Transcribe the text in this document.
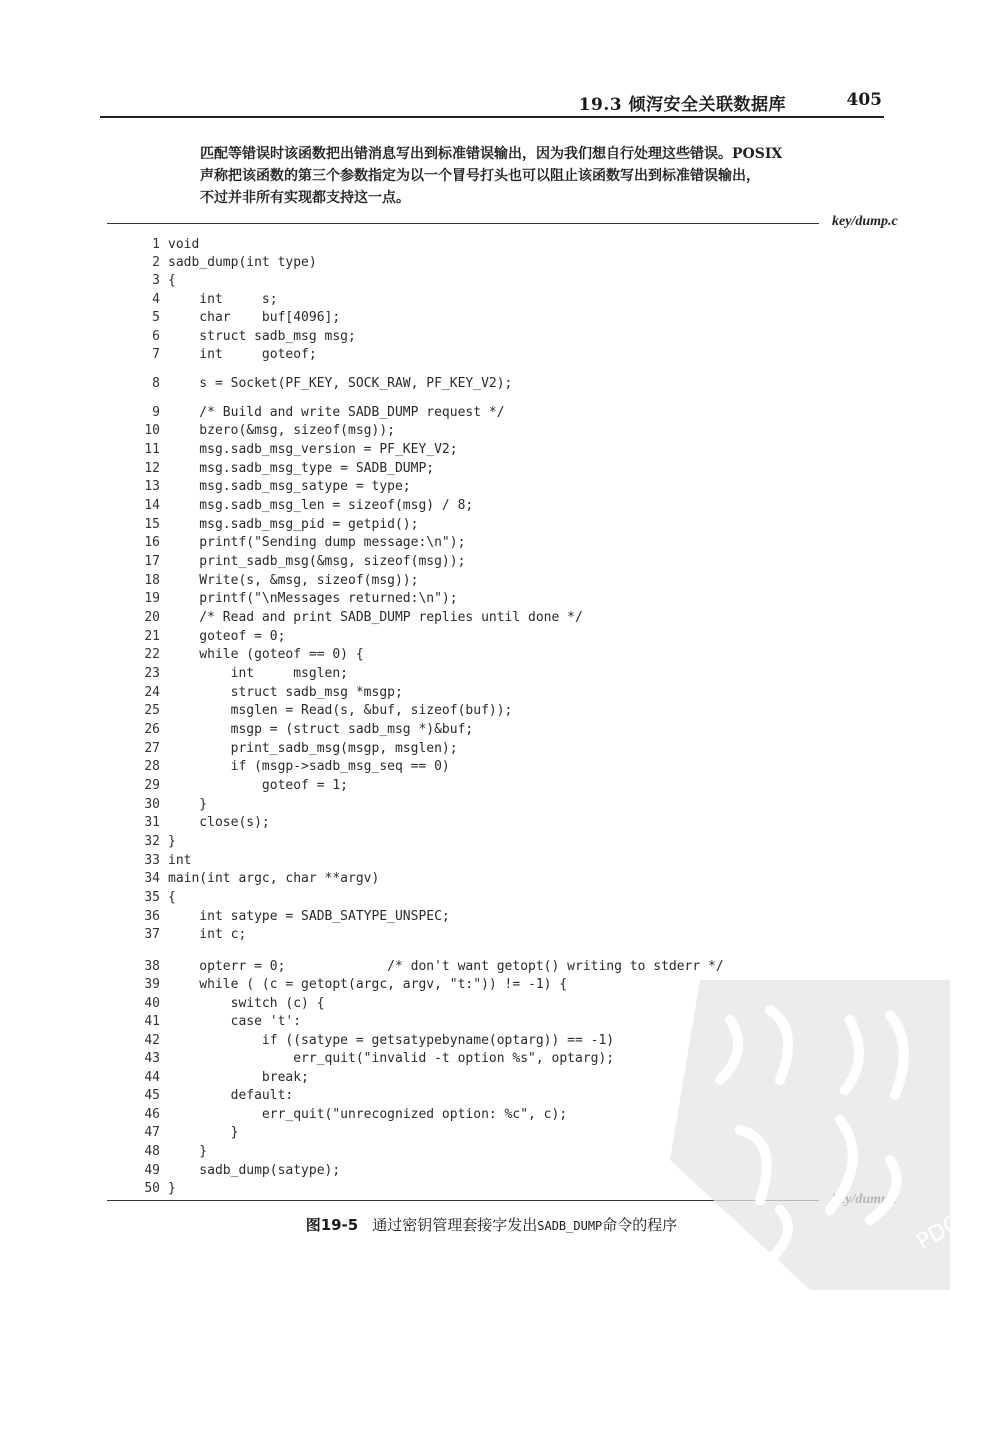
19.3 倾泻安全关联数据库	405

匹配等错误时该函数把出错消息写出到标准错误输出，因为我们想自行处理这些错误。POSIX

声称把该函数的第三个参数指定为以一个冒号打头也可以阻止该函数写出到标准错误输出，

不过并非所有实现都支持这一点。

key/dump.c
1 void
2 sadb_dump(int type)
3 {
4    int     s;
5    char    buf[4096];
6    struct sadb_msg msg;
7    int     goteof;
8    s = Socket(PF_KEY, SOCK_RAW, PF_KEY_V2);
9    /* Build and write SADB_DUMP request */
10    bzero(&msg, sizeof(msg));
11    msg.sadb_msg_version = PF_KEY_V2;
12    msg.sadb_msg_type = SADB_DUMP;
13    msg.sadb_msg_satype = type;
14    msg.sadb_msg_len = sizeof(msg) / 8;
15    msg.sadb_msg_pid = getpid();
16    printf("Sending dump message:\n");
17    print_sadb_msg(&msg, sizeof(msg));
18    Write(s, &msg, sizeof(msg));
19    printf("\nMessages returned:\n");
20    /* Read and print SADB_DUMP replies until done */
21    goteof = 0;
22    while (goteof == 0) {
23        int     msglen;
24        struct sadb_msg *msgp;
25        msglen = Read(s, &buf, sizeof(buf));
26        msgp = (struct sadb_msg *)&buf;
27        print_sadb_msg(msgp, msglen);
28        if (msgp->sadb_msg_seq == 0)
29            goteof = 1;
30    }
31    close(s);
32 }
33 int
34 main(int argc, char **argv)
35 {
36    int satype = SADB_SATYPE_UNSPEC;
37    int c;
38    opterr = 0;             /* don't want getopt() writing to stderr */
39    while ( (c = getopt(argc, argv, "t:")) != -1) {
40        switch (c) {
41        case 't':
42            if ((satype = getsatypebyname(optarg)) == -1)
43                err_quit("invalid -t option %s", optarg);
44            break;
45        default:
46            err_quit("unrecognized option: %c", c);
47        }
48    }
49    sadb_dump(satype);
50 }
图19-5 通过密钥管理套接字发出SADB_DUMP命令的程序	PDG
